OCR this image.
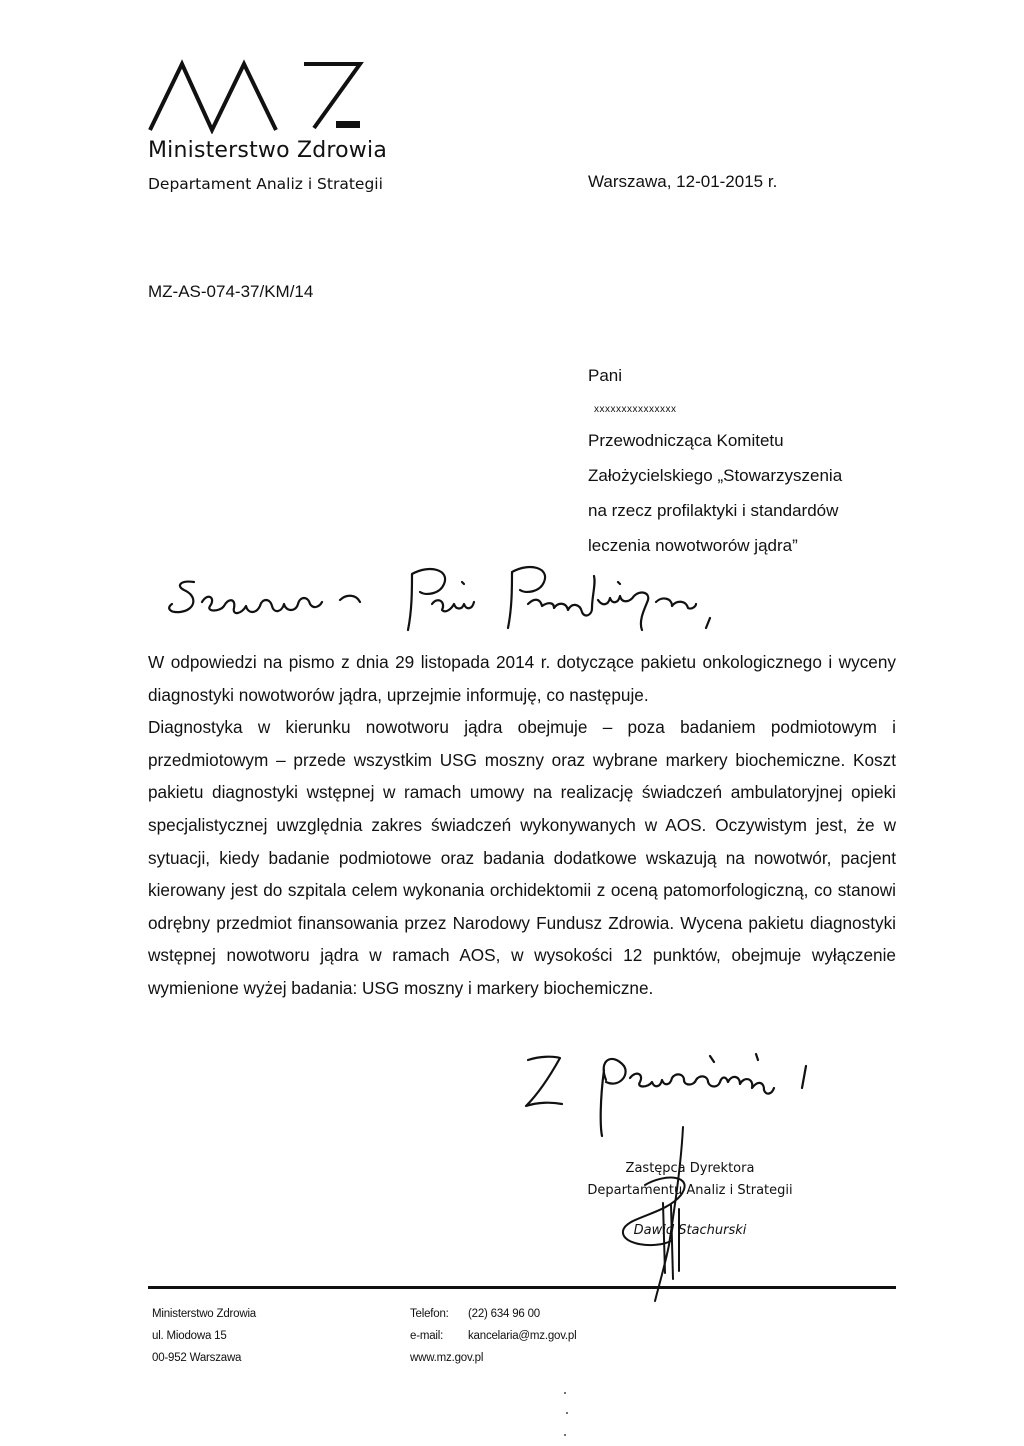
Ministerstwo Zdrowia
Departament Analiz i Strategii	Warszawa, 12-01-2015 r.
MZ-AS-074-37/KM/14
Pani
xxxxxxxxxxxxxxx
Przewodnicząca Komitetu
Założycielskiego „Stowarzyszenia
na rzecz profilaktyki i standardów
leczenia nowotworów jądra”

W odpowiedzi na pismo z dnia 29 listopada 2014 r. dotyczące pakietu onkologicznego i wyceny diagnostyki nowotworów jądra, uprzejmie informuję, co następuje.

Diagnostyka w kierunku nowotworu jądra obejmuje – poza badaniem podmiotowym i przedmiotowym – przede wszystkim USG moszny oraz wybrane markery biochemiczne. Koszt pakietu diagnostyki wstępnej w ramach umowy na realizację świadczeń ambulatoryjnej opieki specjalistycznej uwzględnia zakres świadczeń wykonywanych w AOS. Oczywistym jest, że w sytuacji, kiedy badanie podmiotowe oraz badania dodatkowe wskazują na nowotwór, pacjent kierowany jest do szpitala celem wykonania orchidektomii z oceną patomorfologiczną, co stanowi odrębny przedmiot finansowania przez Narodowy Fundusz Zdrowia. Wycena pakietu diagnostyki wstępnej nowotworu jądra w ramach AOS, w wysokości 12 punktów, obejmuje wyłączenie wymienione wyżej badania: USG moszny i markery biochemiczne.

Zastępca Dyrektora
Departamentu Analiz i Strategii
Dawid Stachurski
Ministerstwo Zdrowia
ul. Miodowa 15
00-952 Warszawa
Telefon:	(22) 634 96 00
e-mail:	kancelaria@mz.gov.pl
www.mz.gov.pl
